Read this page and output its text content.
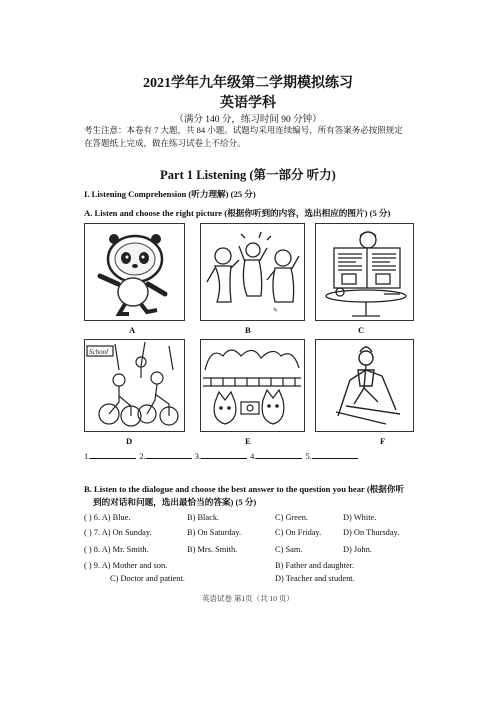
2021学年九年级第二学期模拟练习
英语学科
（满分 140 分，练习时间 90 分钟）
考生注意：本卷有 7 大题，共 84 小题。试题均采用连续编号，所有答案务必按照规定
在答题纸上完成，做在练习试卷上不给分。
Part 1 Listening (第一部分 听力)
I. Listening Comprehension (听力理解) (25 分)
A. Listen and choose the right picture (根据你听到的内容，选出相应的图片) (5 分)
✎
A	B	C
School
D	E	F
1.	2.	3.	4.	5.
B. Listen to the dialogue and choose the best answer to the question you hear (根据你听
到的对话和问题，选出最恰当的答案) (5 分)
( ) 6. A) Blue.	B) Black.	C) Green.	D) White.
( ) 7. A) On Sunday.	B) On Saturday.	C) On Friday.	D) On Thursday.
( ) 8. A) Mr. Smith.	B) Mrs. Smith.	C) Sam.	D) John.
( ) 9. A) Mother and son.	B) Father and daughter.
C) Doctor and patient.	D) Teacher and student.
英语试卷 第1页（共 10 页）
